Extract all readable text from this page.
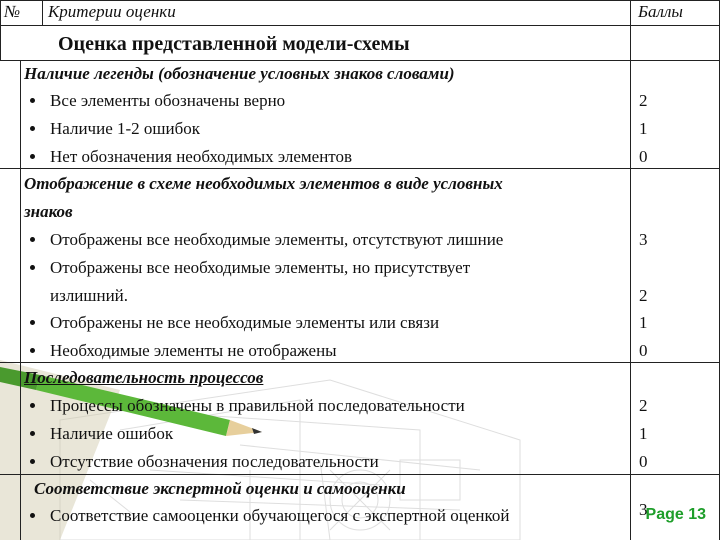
№ Критерии оценки	Баллы
Оценка представленной модели-схемы
Наличие легенды (обозначение условных знаков словами)
Все элементы обозначены верно	2
Наличие 1-2 ошибок	1
Нет обозначения необходимых элементов	0
Отображение в схеме необходимых элементов в виде условных
знаков
Отображены все необходимые элементы, отсутствуют лишние	3
Отображены все необходимые элементы, но присутствует
излишний.	2
Отображены не все необходимые элементы или связи	1
Необходимые элементы не отображены	0
Последовательность процессов
Процессы обозначены в правильной последовательности	2
Наличие ошибок	1
Отсутствие обозначения последовательности	0
Соответствие экспертной оценки и самооценки
Соответствие самооценки обучающегося с экспертной оценкой	3
Page 13
